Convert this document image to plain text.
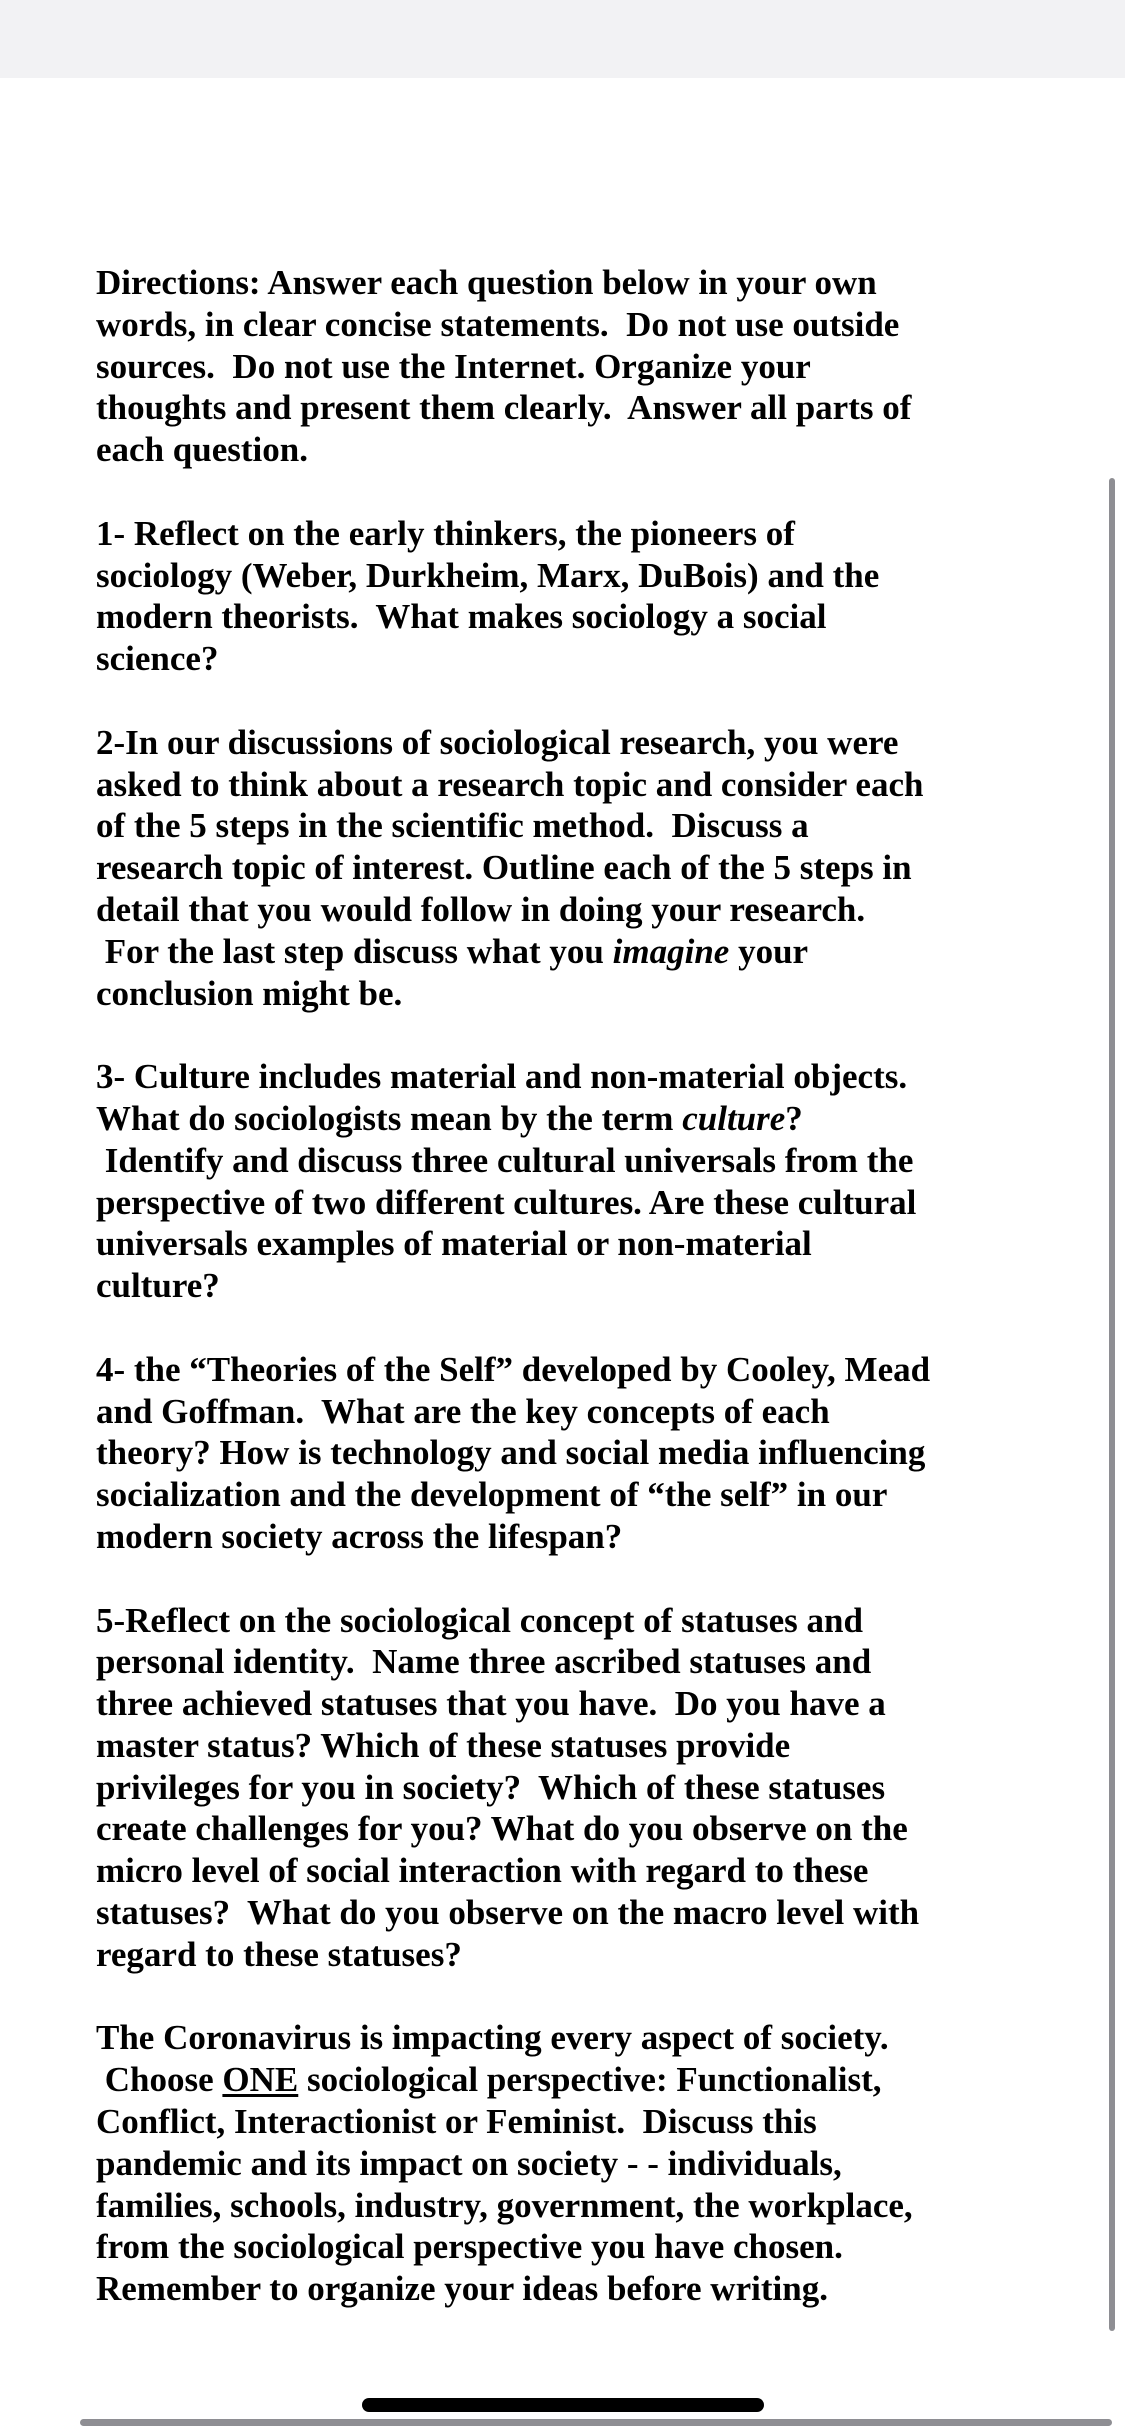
Directions: Answer each question below in your own
words, in clear concise statements.  Do not use outside
sources.  Do not use the Internet. Organize your
thoughts and present them clearly.  Answer all parts of
each question.
1- Reflect on the early thinkers, the pioneers of
sociology (Weber, Durkheim, Marx, DuBois) and the
modern theorists.  What makes sociology a social
science?
2-In our discussions of sociological research, you were
asked to think about a research topic and consider each
of the 5 steps in the scientific method.  Discuss a
research topic of interest. Outline each of the 5 steps in
detail that you would follow in doing your research.
For the last step discuss what you imagine your
conclusion might be.
3- Culture includes material and non-material objects.
What do sociologists mean by the term culture?
Identify and discuss three cultural universals from the
perspective of two different cultures. Are these cultural
universals examples of material or non-material
culture?
4- the “Theories of the Self” developed by Cooley, Mead
and Goffman.  What are the key concepts of each
theory? How is technology and social media influencing
socialization and the development of “the self” in our
modern society across the lifespan?
5-Reflect on the sociological concept of statuses and
personal identity.  Name three ascribed statuses and
three achieved statuses that you have.  Do you have a
master status? Which of these statuses provide
privileges for you in society?  Which of these statuses
create challenges for you? What do you observe on the
micro level of social interaction with regard to these
statuses?  What do you observe on the macro level with
regard to these statuses?
The Coronavirus is impacting every aspect of society.
Choose ONE sociological perspective: Functionalist,
Conflict, Interactionist or Feminist.  Discuss this
pandemic and its impact on society - - individuals,
families, schools, industry, government, the workplace,
from the sociological perspective you have chosen.
Remember to organize your ideas before writing.
